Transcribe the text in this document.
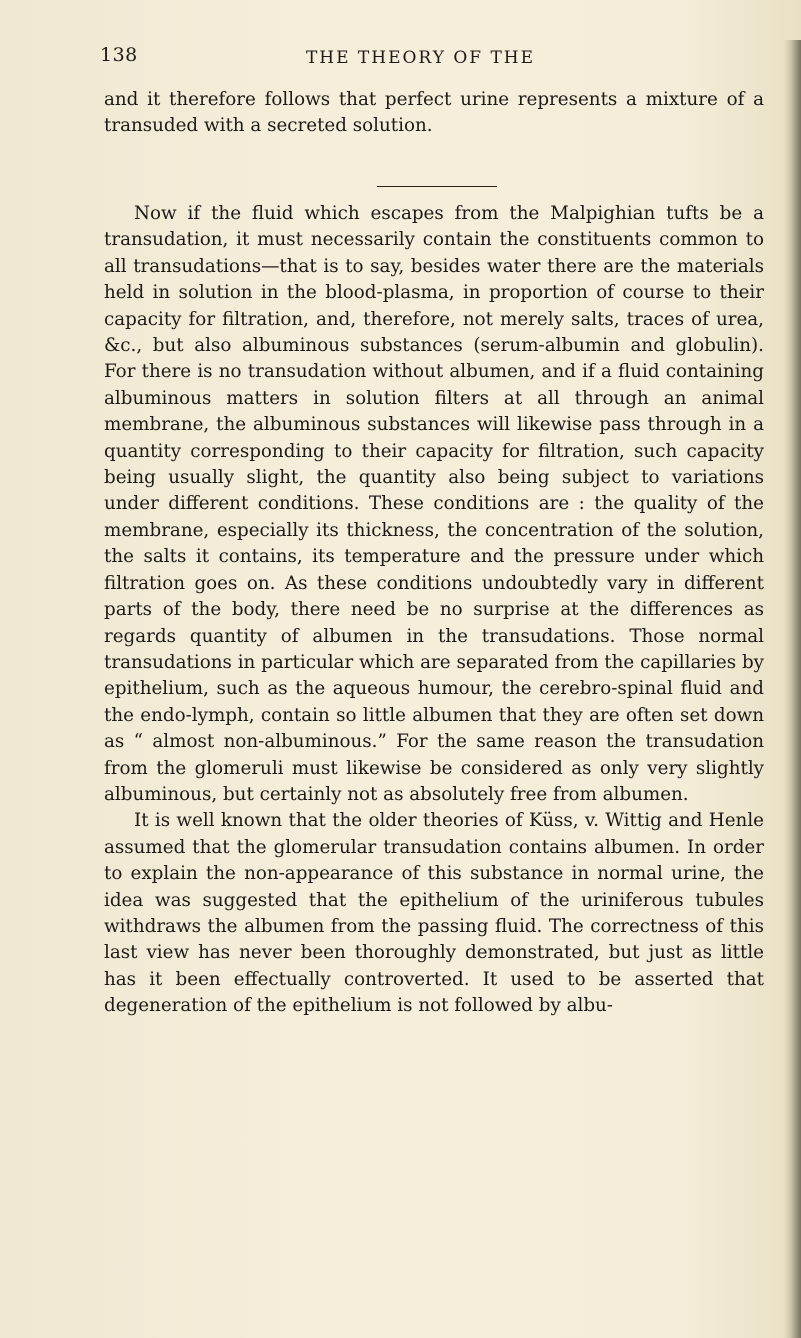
138	THE THEORY OF THE

and it therefore follows that perfect urine represents a mixture of a transuded with a secreted solution.

Now if the fluid which escapes from the Malpighian tufts be a transudation, it must necessarily contain the constituents common to all transudations—that is to say, besides water there are the materials held in solution in the blood-plasma, in proportion of course to their capacity for filtration, and, therefore, not merely salts, traces of urea, &c., but also albuminous substances (serum-albumin and globulin). For there is no transudation without albumen, and if a fluid containing albuminous matters in solution filters at all through an animal membrane, the albuminous substances will likewise pass through in a quantity corresponding to their capacity for filtration, such capacity being usually slight, the quantity also being subject to variations under different conditions. These conditions are : the quality of the membrane, especially its thickness, the concentration of the solution, the salts it contains, its temperature and the pressure under which filtration goes on. As these conditions undoubtedly vary in different parts of the body, there need be no surprise at the differences as regards quantity of albumen in the transudations. Those normal transudations in particular which are separated from the capillaries by epithelium, such as the aqueous humour, the cerebro-spinal fluid and the endo-lymph, contain so little albumen that they are often set down as “ almost non-albuminous.” For the same reason the transudation from the glomeruli must likewise be considered as only very slightly albuminous, but certainly not as absolutely free from albumen.

It is well known that the older theories of Küss, v. Wittig and Henle assumed that the glomerular transudation contains albumen. In order to explain the non-appearance of this substance in normal urine, the idea was suggested that the epithelium of the uriniferous tubules withdraws the albumen from the passing fluid. The correctness of this last view has never been thoroughly demonstrated, but just as little has it been effectually controverted. It used to be asserted that degeneration of the epithelium is not followed by albu-
